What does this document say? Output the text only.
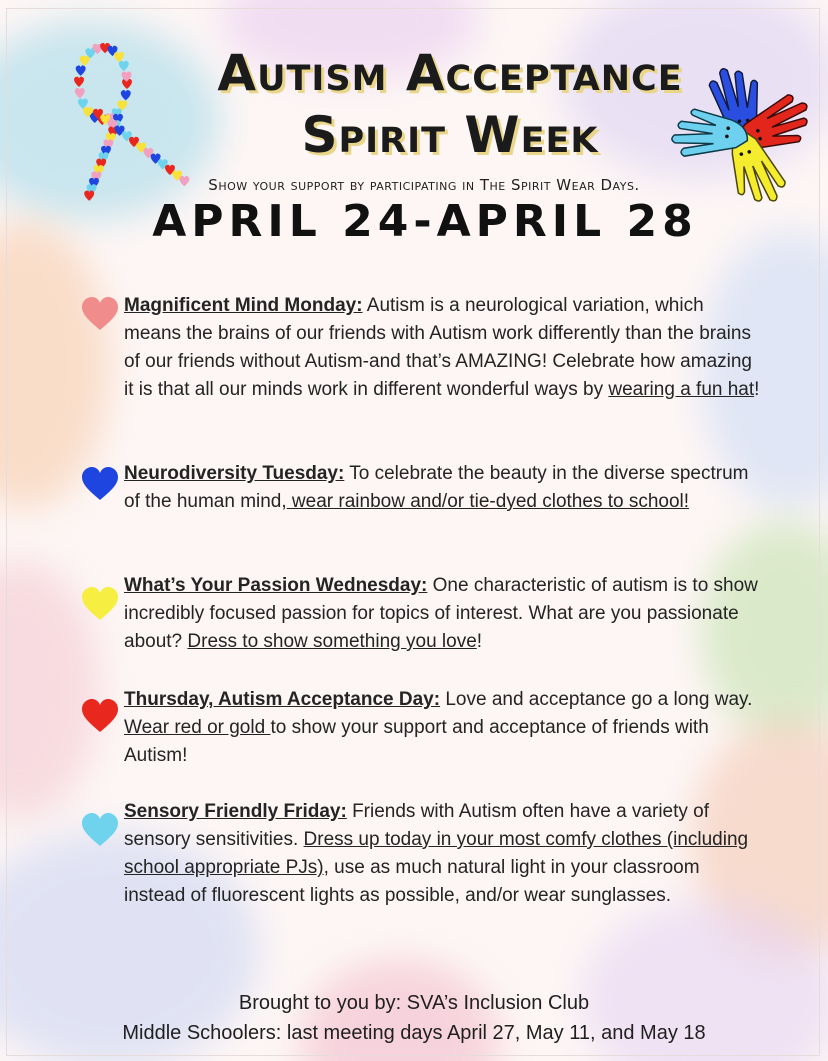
Autism Acceptance
Spirit Week
Show your support by participating in The Spirit Wear Days.
APRIL 24-APRIL 28
Magnificent Mind Monday: Autism is a neurological variation, which means the brains of our friends with Autism work differently than the brains of our friends without Autism-and that’s AMAZING! Celebrate how amazing it is that all our minds work in different wonderful ways by wearing a fun hat!
Neurodiversity Tuesday: To celebrate the beauty in the diverse spectrum of the human mind, wear rainbow and/or tie-dyed clothes to school!
What’s Your Passion Wednesday: One characteristic of autism is to show incredibly focused passion for topics of interest. What are you passionate about? Dress to show something you love!
Thursday, Autism Acceptance Day: Love and acceptance go a long way. Wear red or gold to show your support and acceptance of friends with Autism!
Sensory Friendly Friday: Friends with Autism often have a variety of sensory sensitivities. Dress up today in your most comfy clothes (including school appropriate PJs), use as much natural light in your classroom instead of fluorescent lights as possible, and/or wear sunglasses.
Brought to you by: SVA’s Inclusion Club
Middle Schoolers: last meeting days April 27, May 11, and May 18
